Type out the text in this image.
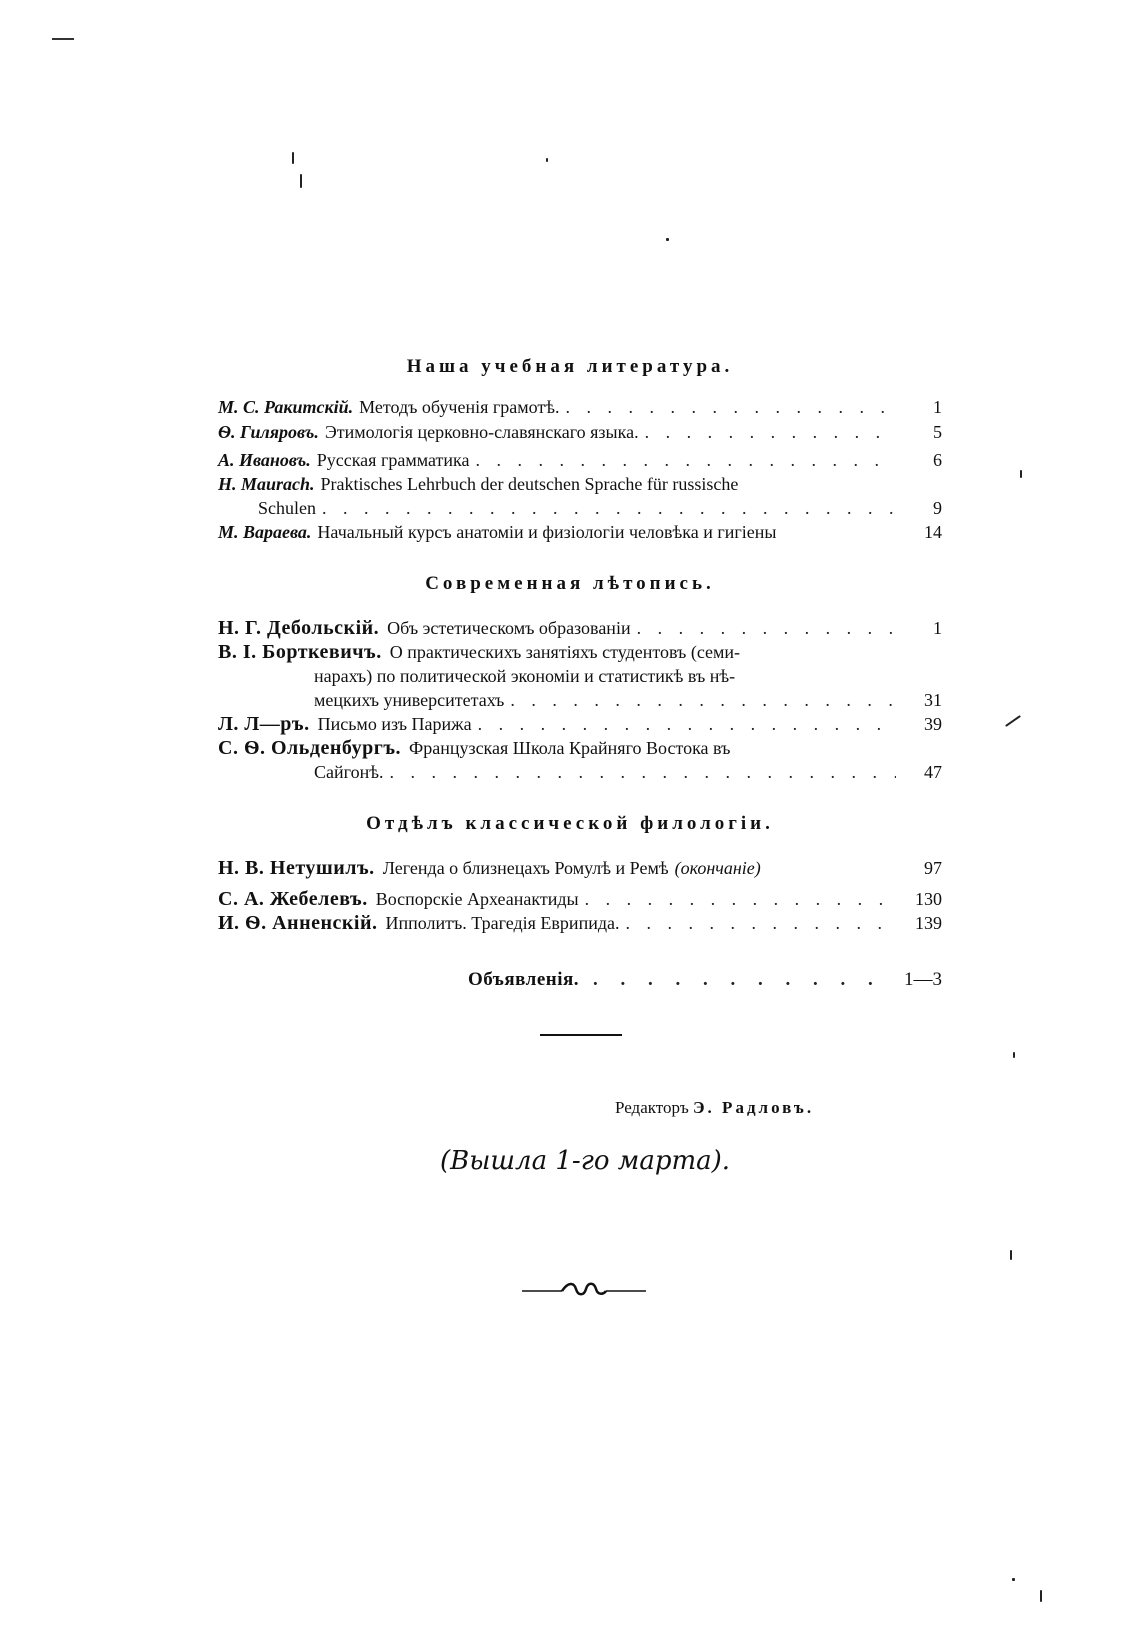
Наша учебная литература.
М. С. Ракитскій. Методъ обученія грамотѣ. . . .	1
Ѳ. Гиляровъ. Этимологія церковно-славянскаго языка. . . .	5
А. Ивановъ. Русская грамматика . . .	6
H. Maurach. Praktisches Lehrbuch der deutschen Sprache für russische
Schulen . . .	9
М. Вараева. Начальный курсъ анатоміи и физіологіи человѣка и гигіены	14
Современная лѣтопись.
Н. Г. Дебольскій. Объ эстетическомъ образованіи . . .	1
В. І. Борткевичъ. О практическихъ занятіяхъ студентовъ (семи-
нарахъ) по политической экономіи и статистикѣ въ нѣ-
мецкихъ университетахъ . . .	31
Л. Л—ръ. Письмо изъ Парижа . . .	39
С. Ѳ. Ольденбургъ. Французская Школа Крайняго Востока въ
Сайгонѣ. . . .	47
Отдѣлъ классической филологіи.
Н. В. Нетушилъ. Легенда о близнецахъ Ромулѣ и Ремѣ (окончаніе)	97
С. А. Жебелевъ. Воспорскіе Археанактиды . . .	130
И. Ѳ. Анненскій. Ипполитъ. Трагедія Еврипида. . . .	139
Объявленія. . . .	1—3
Редакторъ Э. Радловъ.
(Вышла 1-го марта).
